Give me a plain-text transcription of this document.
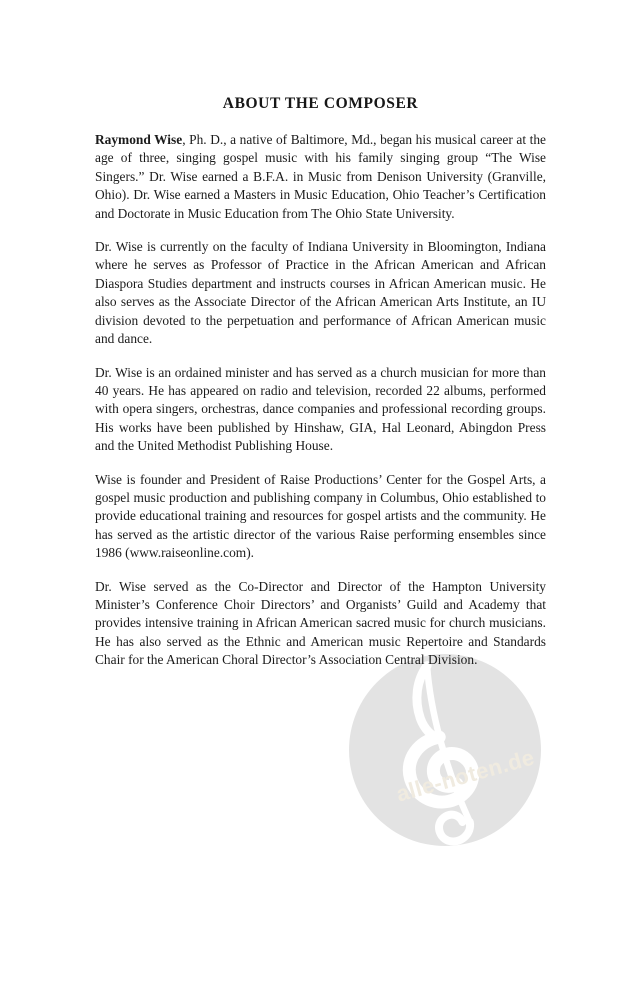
alle-noten.de
ABOUT THE COMPOSER

Raymond Wise, Ph. D., a native of Baltimore, Md., began his musical career at the age of three, singing gospel music with his family singing group “The Wise Singers.” Dr. Wise earned a B.F.A. in Music from Denison University (Granville, Ohio). Dr. Wise earned a Masters in Music Education, Ohio Teacher’s Certification and Doctorate in Music Education from The Ohio State University.

Dr. Wise is currently on the faculty of Indiana University in Bloomington, Indiana where he serves as Professor of Practice in the African American and African Diaspora Studies department and instructs courses in African American music. He also serves as the Associate Director of the African American Arts Institute, an IU division devoted to the perpetuation and performance of African American music and dance.

Dr. Wise is an ordained minister and has served as a church musician for more than 40 years. He has appeared on radio and television, recorded 22 albums, performed with opera singers, orchestras, dance companies and professional recording groups. His works have been published by Hinshaw, GIA, Hal Leonard, Abingdon Press and the United Methodist Publishing House.

Wise is founder and President of Raise Productions’ Center for the Gospel Arts, a gospel music production and publishing company in Columbus, Ohio established to provide educational training and resources for gospel artists and the community. He has served as the artistic director of the various Raise performing ensembles since 1986 (www.raiseonline.com).

Dr. Wise served as the Co-Director and Director of the Hampton University Minister’s Conference Choir Directors’ and Organists’ Guild and Academy that provides intensive training in African American sacred music for church musicians. He has also served as the Ethnic and American music Repertoire and Standards Chair for the American Choral Director’s Association Central Division.
